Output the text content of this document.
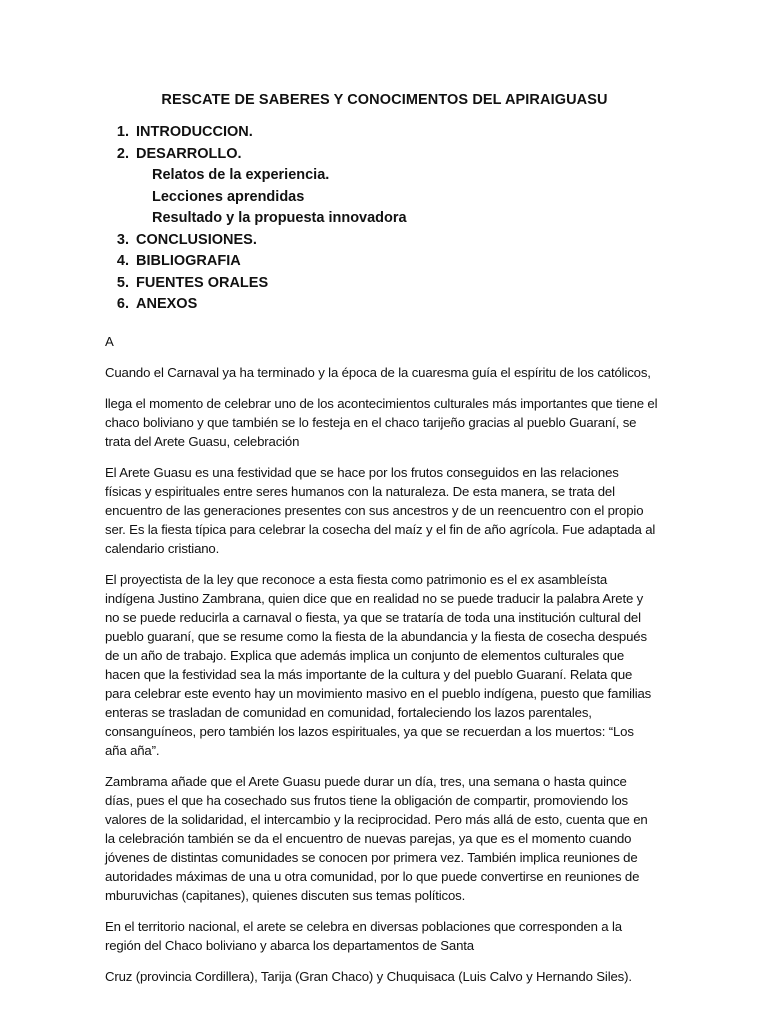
RESCATE DE SABERES Y CONOCIMENTOS DEL APIRAIGUASU
1. INTRODUCCION.
2. DESARROLLO.
Relatos de la experiencia.
Lecciones aprendidas
Resultado y la propuesta innovadora
3. CONCLUSIONES.
4. BIBLIOGRAFIA
5. FUENTES ORALES
6. ANEXOS

A

Cuando el Carnaval ya ha terminado y la época de la cuaresma guía el espíritu de los católicos,

llega el momento de celebrar uno de los acontecimientos culturales más importantes que tiene el chaco boliviano y que también se lo festeja en el chaco tarijeño gracias al pueblo Guaraní, se trata del Arete Guasu, celebración

El Arete Guasu es una festividad que se hace por los frutos conseguidos en las relaciones físicas y espirituales entre seres humanos con la naturaleza. De esta manera, se trata del encuentro de las generaciones presentes con sus ancestros y de un reencuentro con el propio ser. Es la fiesta típica para celebrar la cosecha del maíz y el fin de año agrícola. Fue adaptada al calendario cristiano.

El proyectista de la ley que reconoce a esta fiesta como patrimonio es el ex asambleísta indígena Justino Zambrana, quien dice que en realidad no se puede traducir la palabra Arete y no se puede reducirla a carnaval o fiesta, ya que se trataría de toda una institución cultural del pueblo guaraní, que se resume como la fiesta de la abundancia y la fiesta de cosecha después de un año de trabajo. Explica que además implica un conjunto de elementos culturales que hacen que la festividad sea la más importante de la cultura y del pueblo Guaraní. Relata que para celebrar este evento hay un movimiento masivo en el pueblo indígena, puesto que familias enteras se trasladan de comunidad en comunidad, fortaleciendo los lazos parentales, consanguíneos, pero también los lazos espirituales, ya que se recuerdan a los muertos: “Los aña aña”.

Zambrama añade que el Arete Guasu puede durar un día, tres, una semana o hasta quince días, pues el que ha cosechado sus frutos tiene la obligación de compartir, promoviendo los valores de la solidaridad, el intercambio y la reciprocidad. Pero más allá de esto, cuenta que en la celebración también se da el encuentro de nuevas parejas, ya que es el momento cuando jóvenes de distintas comunidades se conocen por primera vez. También implica reuniones de autoridades máximas de una u otra comunidad, por lo que puede convertirse en reuniones de mburuvichas (capitanes), quienes discuten sus temas políticos.

En el territorio nacional, el arete se celebra en diversas poblaciones que corresponden a la región del Chaco boliviano y abarca los departamentos de Santa

Cruz (provincia Cordillera), Tarija (Gran Chaco) y Chuquisaca (Luis Calvo y Hernando Siles).
